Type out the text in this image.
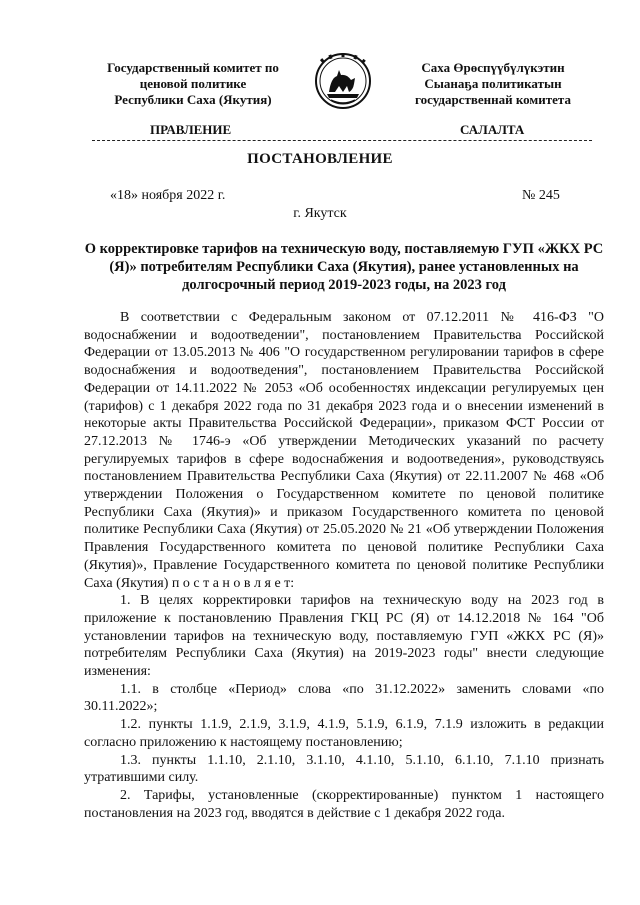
Государственный комитет по
ценовой политике
Республики Саха (Якутия)
Саха Өрөспүүбүлүкэтин
Сыанаҕа политикатын
государственнай комитета
ПРАВЛЕНИЕ	САЛАЛТА
ПОСТАНОВЛЕНИЕ
«18» ноября 2022 г.	№ 245
г. Якутск
О корректировке тарифов на техническую воду, поставляемую ГУП «ЖКХ РС (Я)» потребителям Республики Саха (Якутия), ранее установленных на долгосрочный период 2019-2023 годы, на 2023 год

В соответствии с Федеральным законом от 07.12.2011 № 416-ФЗ "О водоснабжении и водоотведении", постановлением Правительства Российской Федерации от 13.05.2013 № 406 "О государственном регулировании тарифов в сфере водоснабжения и водоотведения", постановлением Правительства Российской Федерации от 14.11.2022 № 2053 «Об особенностях индексации регулируемых цен (тарифов) с 1 декабря 2022 года по 31 декабря 2023 года и о внесении изменений в некоторые акты Правительства Российской Федерации», приказом ФСТ России от 27.12.2013 № 1746-э «Об утверждении Методических указаний по расчету регулируемых тарифов в сфере водоснабжения и водоотведения», руководствуясь постановлением Правительства Республики Саха (Якутия) от 22.11.2007 № 468 «Об утверждении Положения о Государственном комитете по ценовой политике Республики Саха (Якутия)» и приказом Государственного комитета по ценовой политике Республики Саха (Якутия) от 25.05.2020 № 21 «Об утверждении Положения Правления Государственного комитета по ценовой политике Республики Саха (Якутия)», Правление Государственного комитета по ценовой политике Республики Саха (Якутия) п о с т а н о в л я е т:

1. В целях корректировки тарифов на техническую воду на 2023 год в приложение к постановлению Правления ГКЦ РС (Я) от 14.12.2018 № 164 "Об установлении тарифов на техническую воду, поставляемую ГУП «ЖКХ РС (Я)» потребителям Республики Саха (Якутия) на 2019-2023 годы" внести следующие изменения:

1.1. в столбце «Период» слова «по 31.12.2022» заменить словами «по 30.11.2022»;

1.2. пункты 1.1.9, 2.1.9, 3.1.9, 4.1.9, 5.1.9, 6.1.9, 7.1.9 изложить в редакции согласно приложению к настоящему постановлению;

1.3. пункты 1.1.10, 2.1.10, 3.1.10, 4.1.10, 5.1.10, 6.1.10, 7.1.10 признать утратившими силу.

2. Тарифы, установленные (скорректированные) пунктом 1 настоящего постановления на 2023 год, вводятся в действие с 1 декабря 2022 года.
